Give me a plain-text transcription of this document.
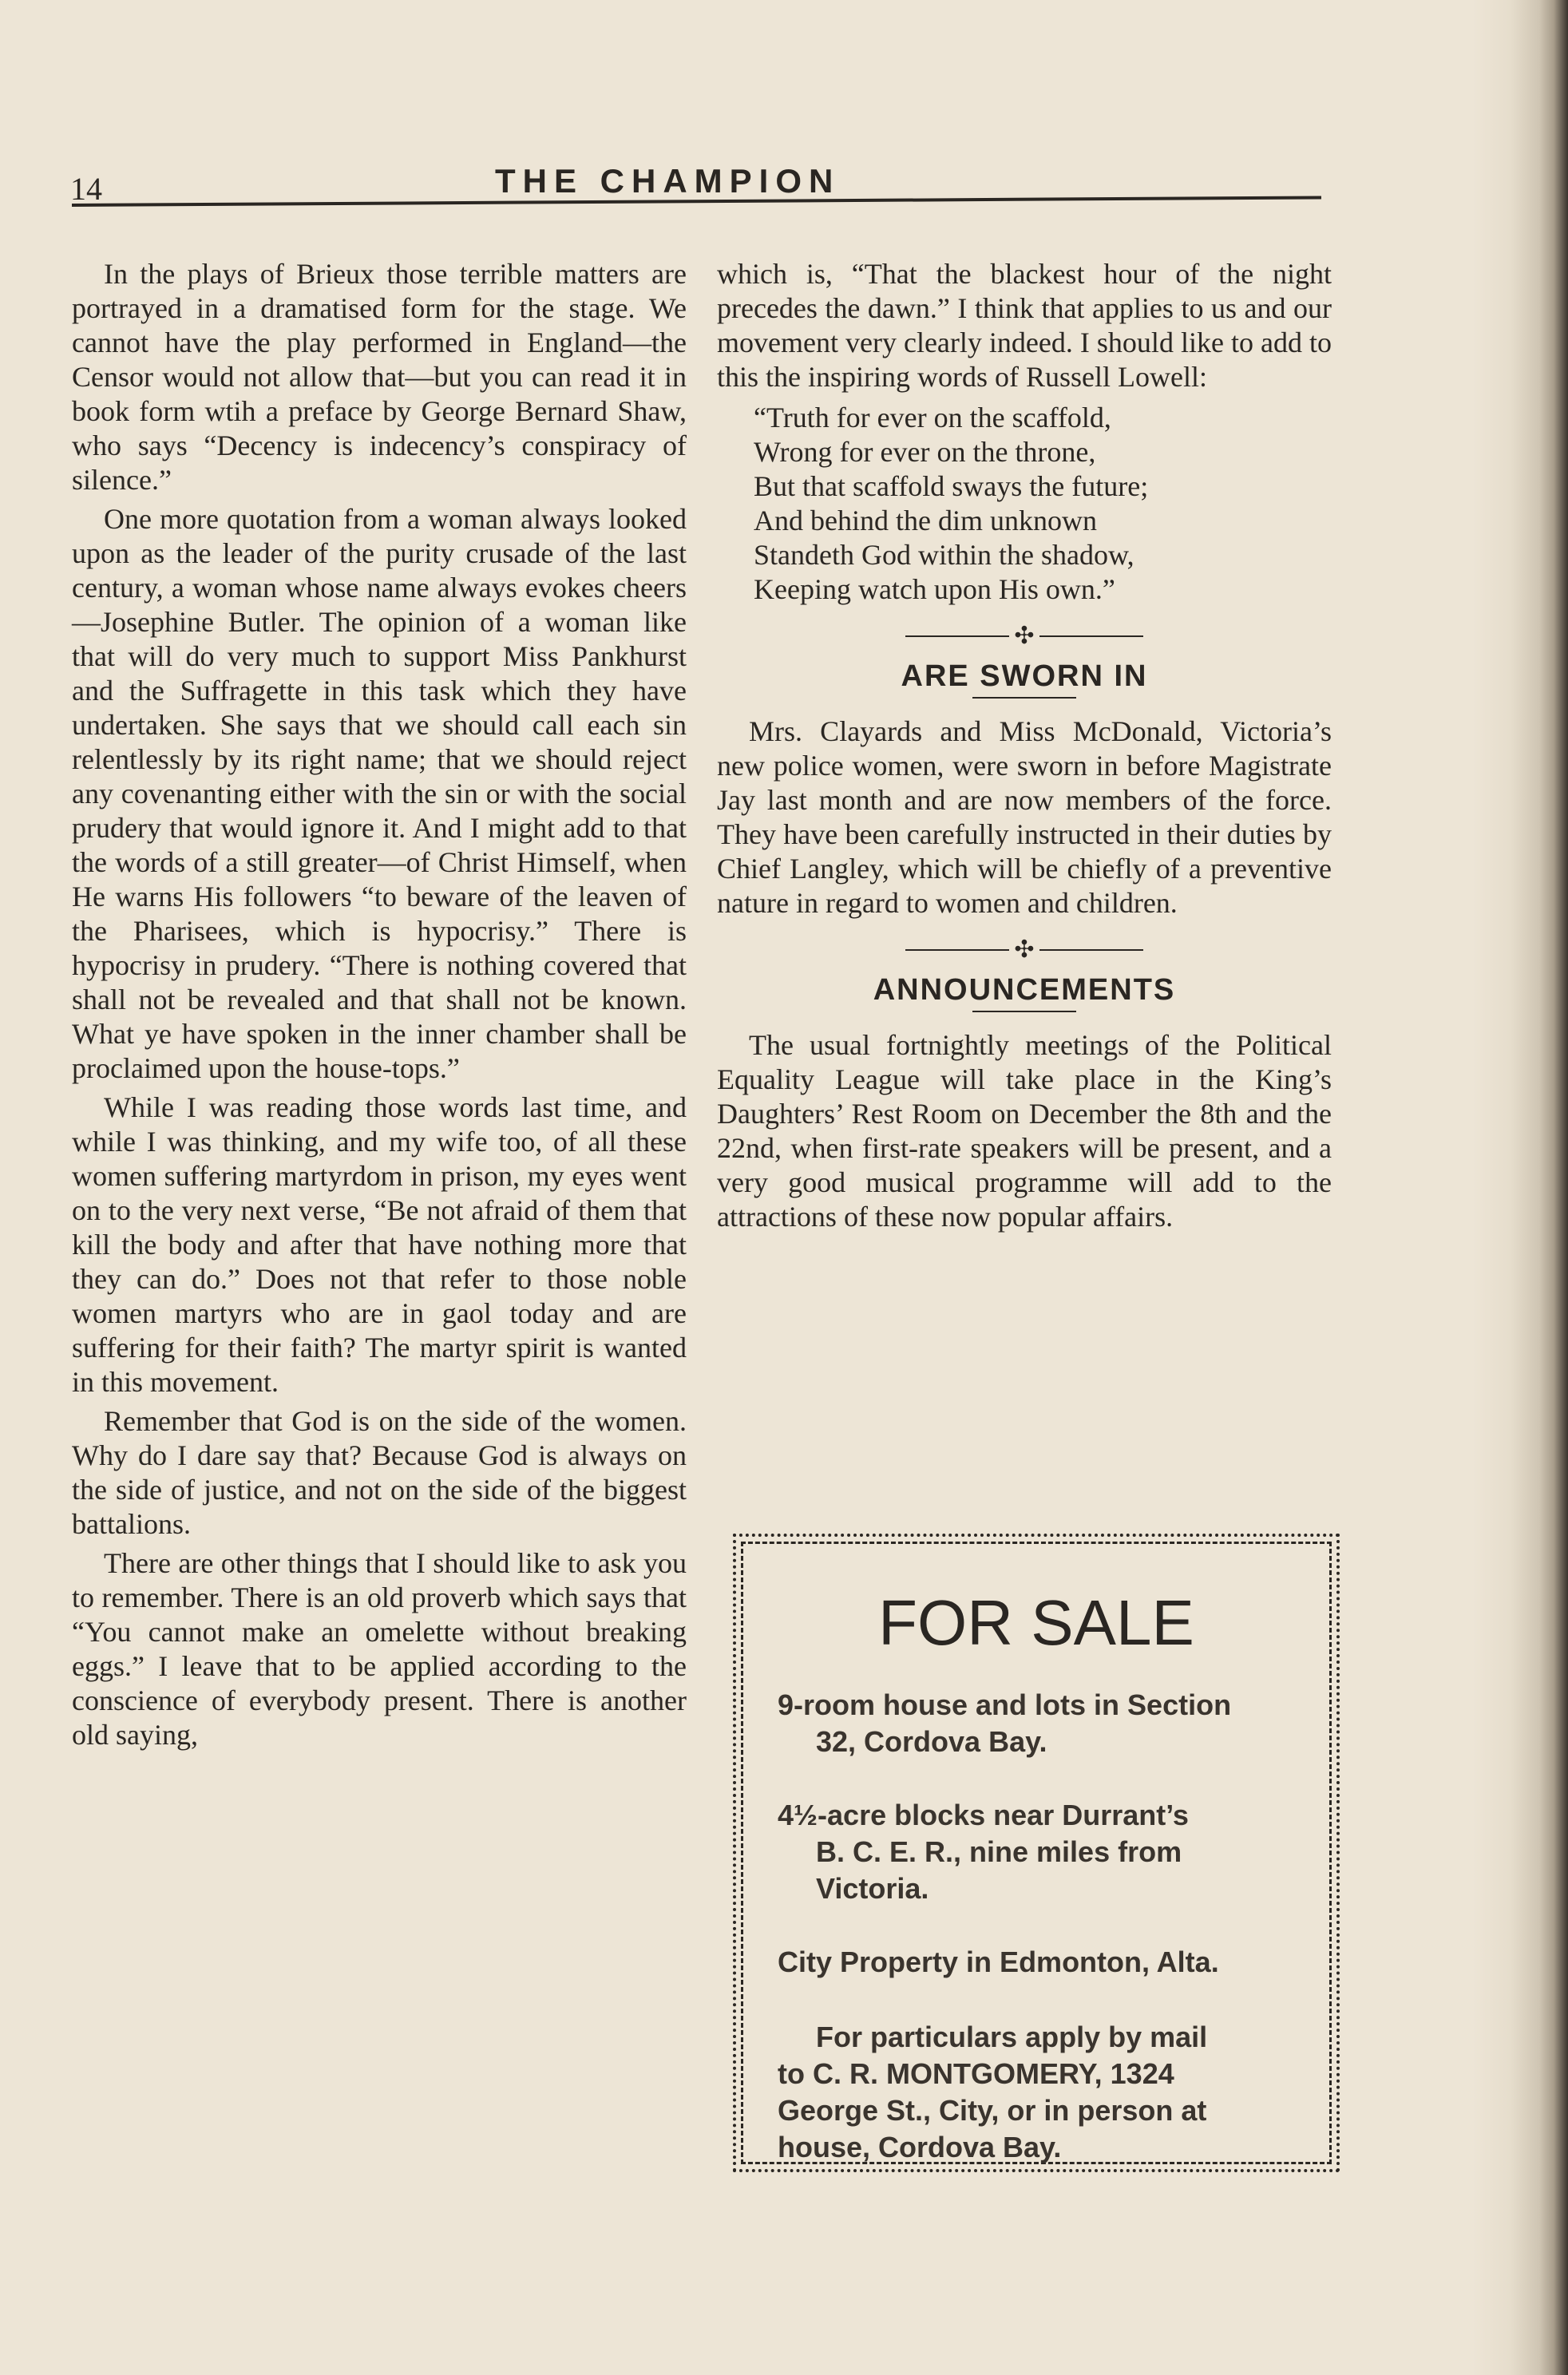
14	THE CHAMPION

In the plays of Brieux those terrible matters are portrayed in a dramatised form for the stage. We cannot have the play performed in England—the Censor would not allow that—but you can read it in book form wtih a preface by George Bernard Shaw, who says “Decency is indecency’s conspiracy of silence.”

One more quotation from a woman always looked upon as the leader of the purity crusade of the last century, a woman whose name always evokes cheers—Josephine Butler. The opinion of a woman like that will do very much to support Miss Pankhurst and the Suffragette in this task which they have undertaken. She says that we should call each sin relentlessly by its right name; that we should reject any covenanting either with the sin or with the social prudery that would ignore it. And I might add to that the words of a still greater—of Christ Himself, when He warns His followers “to beware of the leaven of the Pharisees, which is hypocrisy.” There is hypocrisy in prudery. “There is nothing covered that shall not be revealed and that shall not be known. What ye have spoken in the inner chamber shall be proclaimed upon the house-tops.”

While I was reading those words last time, and while I was thinking, and my wife too, of all these women suffering martyrdom in prison, my eyes went on to the very next verse, “Be not afraid of them that kill the body and after that have nothing more that they can do.” Does not that refer to those noble women martyrs who are in gaol today and are suffering for their faith? The martyr spirit is wanted in this movement.

Remember that God is on the side of the women. Why do I dare say that? Because God is always on the side of justice, and not on the side of the biggest battalions.

There are other things that I should like to ask you to remember. There is an old proverb which says that “You cannot make an omelette without breaking eggs.” I leave that to be applied according to the conscience of everybody present. There is another old saying,

which is, “That the blackest hour of the night precedes the dawn.” I think that applies to us and our movement very clearly indeed. I should like to add to this the inspiring words of Russell Lowell:

“Truth for ever on the scaffold,
Wrong for ever on the throne,
But that scaffold sways the future;
And behind the dim unknown
Standeth God within the shadow,
Keeping watch upon His own.”
✣
ARE SWORN IN

Mrs. Clayards and Miss McDonald, Victoria’s new police women, were sworn in before Magistrate Jay last month and are now members of the force. They have been carefully instructed in their duties by Chief Langley, which will be chiefly of a preventive nature in regard to women and children.

✣
ANNOUNCEMENTS

The usual fortnightly meetings of the Political Equality League will take place in the King’s Daughters’ Rest Room on December the 8th and the 22nd, when first-rate speakers will be present, and a very good musical programme will add to the attractions of these now popular affairs.

FOR SALE
9-room house and lots in Section
32, Cordova Bay.
4½-acre blocks near Durrant’s
B. C. E. R., nine miles from
Victoria.
City Property in Edmonton, Alta.
For particulars apply by mail
to C. R. MONTGOMERY, 1324
George St., City, or in person at
house, Cordova Bay.
